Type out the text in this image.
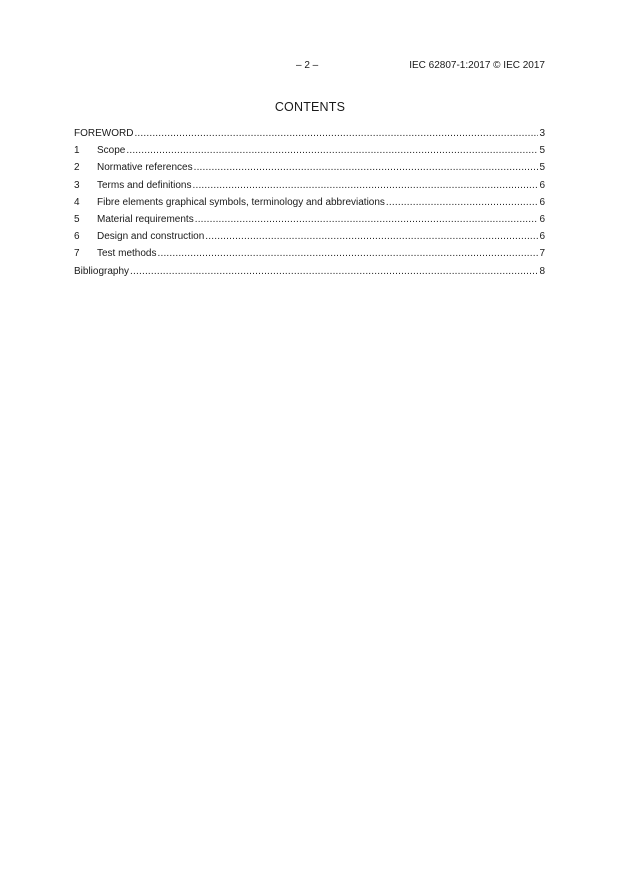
– 2 –	IEC 62807-1:2017 © IEC 2017
CONTENTS
FOREWORD .....	3
1	Scope .....	5
2	Normative references .....	5
3	Terms and definitions .....	6
4	Fibre elements graphical symbols, terminology and abbreviations .....	6
5	Material requirements .....	6
6	Design and construction .....	6
7	Test methods .....	7
Bibliography .....	8
